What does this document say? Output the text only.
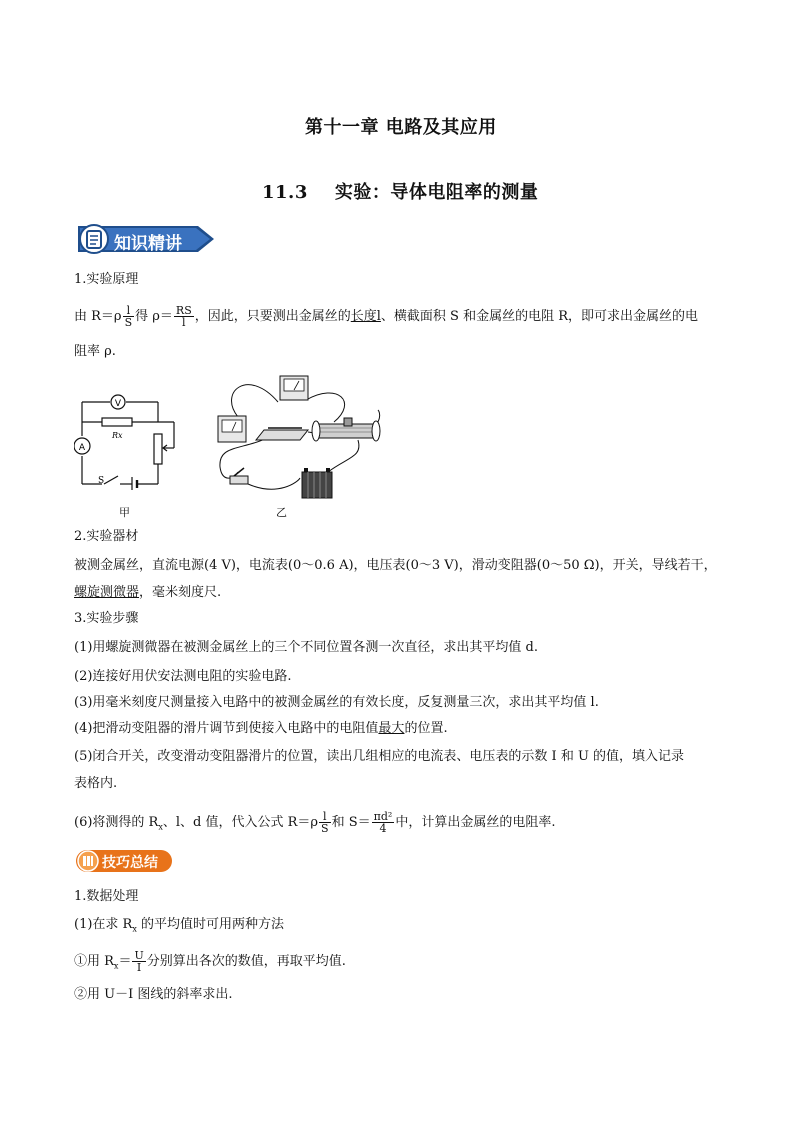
第十一章 电路及其应用
11.3    实验：导体电阻率的测量
知识精讲
1.实验原理
由 $R=\rho \frac{l}{S}$ 得 $\rho= \frac{RS}{l}$ ，因此，只要测出金属丝的长度l、横截面积 S 和金属丝的电阻 R，即可求出金属丝的电
阻率 ρ.
V
A
Rx
S
甲	乙
2.实验器材
被测金属丝，直流电源(4 V)，电流表(0～0.6 A)，电压表(0～3 V)，滑动变阻器(0～50 Ω)，开关，导线若干，
螺旋测微器，毫米刻度尺.
3.实验步骤
(1)用螺旋测微器在被测金属丝上的三个不同位置各测一次直径，求出其平均值 d.
(2)连接好用伏安法测电阻的实验电路.
(3)用毫米刻度尺测量接入电路中的被测金属丝的有效长度，反复测量三次，求出其平均值 l.
(4)把滑动变阻器的滑片调节到使接入电路中的电阻值最大的位置.
(5)闭合开关，改变滑动变阻器滑片的位置，读出几组相应的电流表、电压表的示数 I 和 U 的值，填入记录
表格内.
(6)将测得的 $R_x$、l、d 值，代入公式 $R=\rho \frac{l}{S}$ 和 $S= \frac{\text{πd²}}{4}$ 中，计算出金属丝的电阻率.
技巧总结
1.数据处理
(1)在求 $R_x$ 的平均值时可用两种方法
①用 $R_x= \frac{U}{I}$ 分别算出各次的数值，再取平均值.
②用 U－I 图线的斜率求出.
